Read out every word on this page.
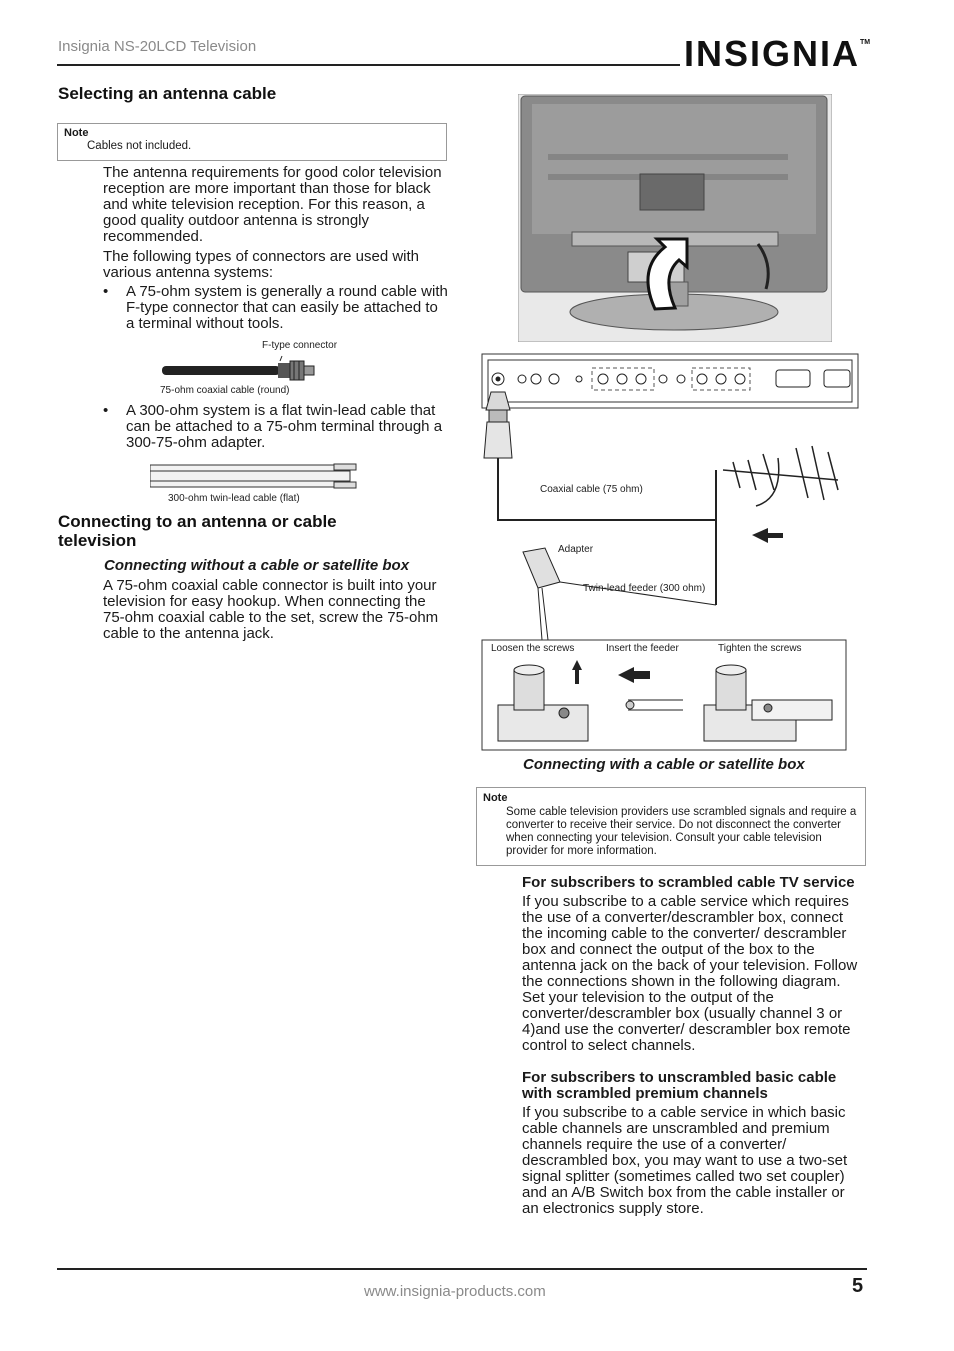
Insignia NS-20LCD Television	INSIGNIA™
Selecting an antenna cable
Note
Cables not included.

The antenna requirements for good color television reception are more important than those for black and white television reception. For this reason, a good quality outdoor antenna is strongly recommended.

The following types of connectors are used with various antenna systems:

• A 75-ohm system is generally a round cable with F-type connector that can easily be attached to a terminal without tools.

F-type connector
75-ohm coaxial cable (round)

• A 300-ohm system is a flat twin-lead cable that can be attached to a 75-ohm terminal through a 300-75-ohm adapter.

300-ohm twin-lead cable (flat)
Connecting to an antenna or cable television
Connecting without a cable or satellite box

A 75-ohm coaxial cable connector is built into your television for easy hookup. When connecting the 75-ohm coaxial cable to the set, screw the 75-ohm cable to the antenna jack.

Coaxial cable (75 ohm)
Adapter
Twin-lead feeder (300 ohm)
Loosen the screws	Insert the feeder	Tighten the screws
Connecting with a cable or satellite box
Note
Some cable television providers use scrambled signals and require a converter to receive their service. Do not disconnect the converter when connecting your television. Consult your cable television provider for more information.
For subscribers to scrambled cable TV service

If you subscribe to a cable service which requires the use of a converter/descrambler box, connect the incoming cable to the converter/ descrambler box and connect the output of the box to the antenna jack on the back of your television. Follow the connections shown in the following diagram. Set your television to the output of the converter/descrambler box (usually channel 3 or 4)and use the converter/ descrambler box remote control to select channels.

For subscribers to unscrambled basic cable with scrambled premium channels

If you subscribe to a cable service in which basic cable channels are unscrambled and premium channels require the use of a converter/ descrambled box, you may want to use a two-set signal splitter (sometimes called two set coupler) and an A/B Switch box from the cable installer or an electronics supply store.

www.insignia-products.com	5
